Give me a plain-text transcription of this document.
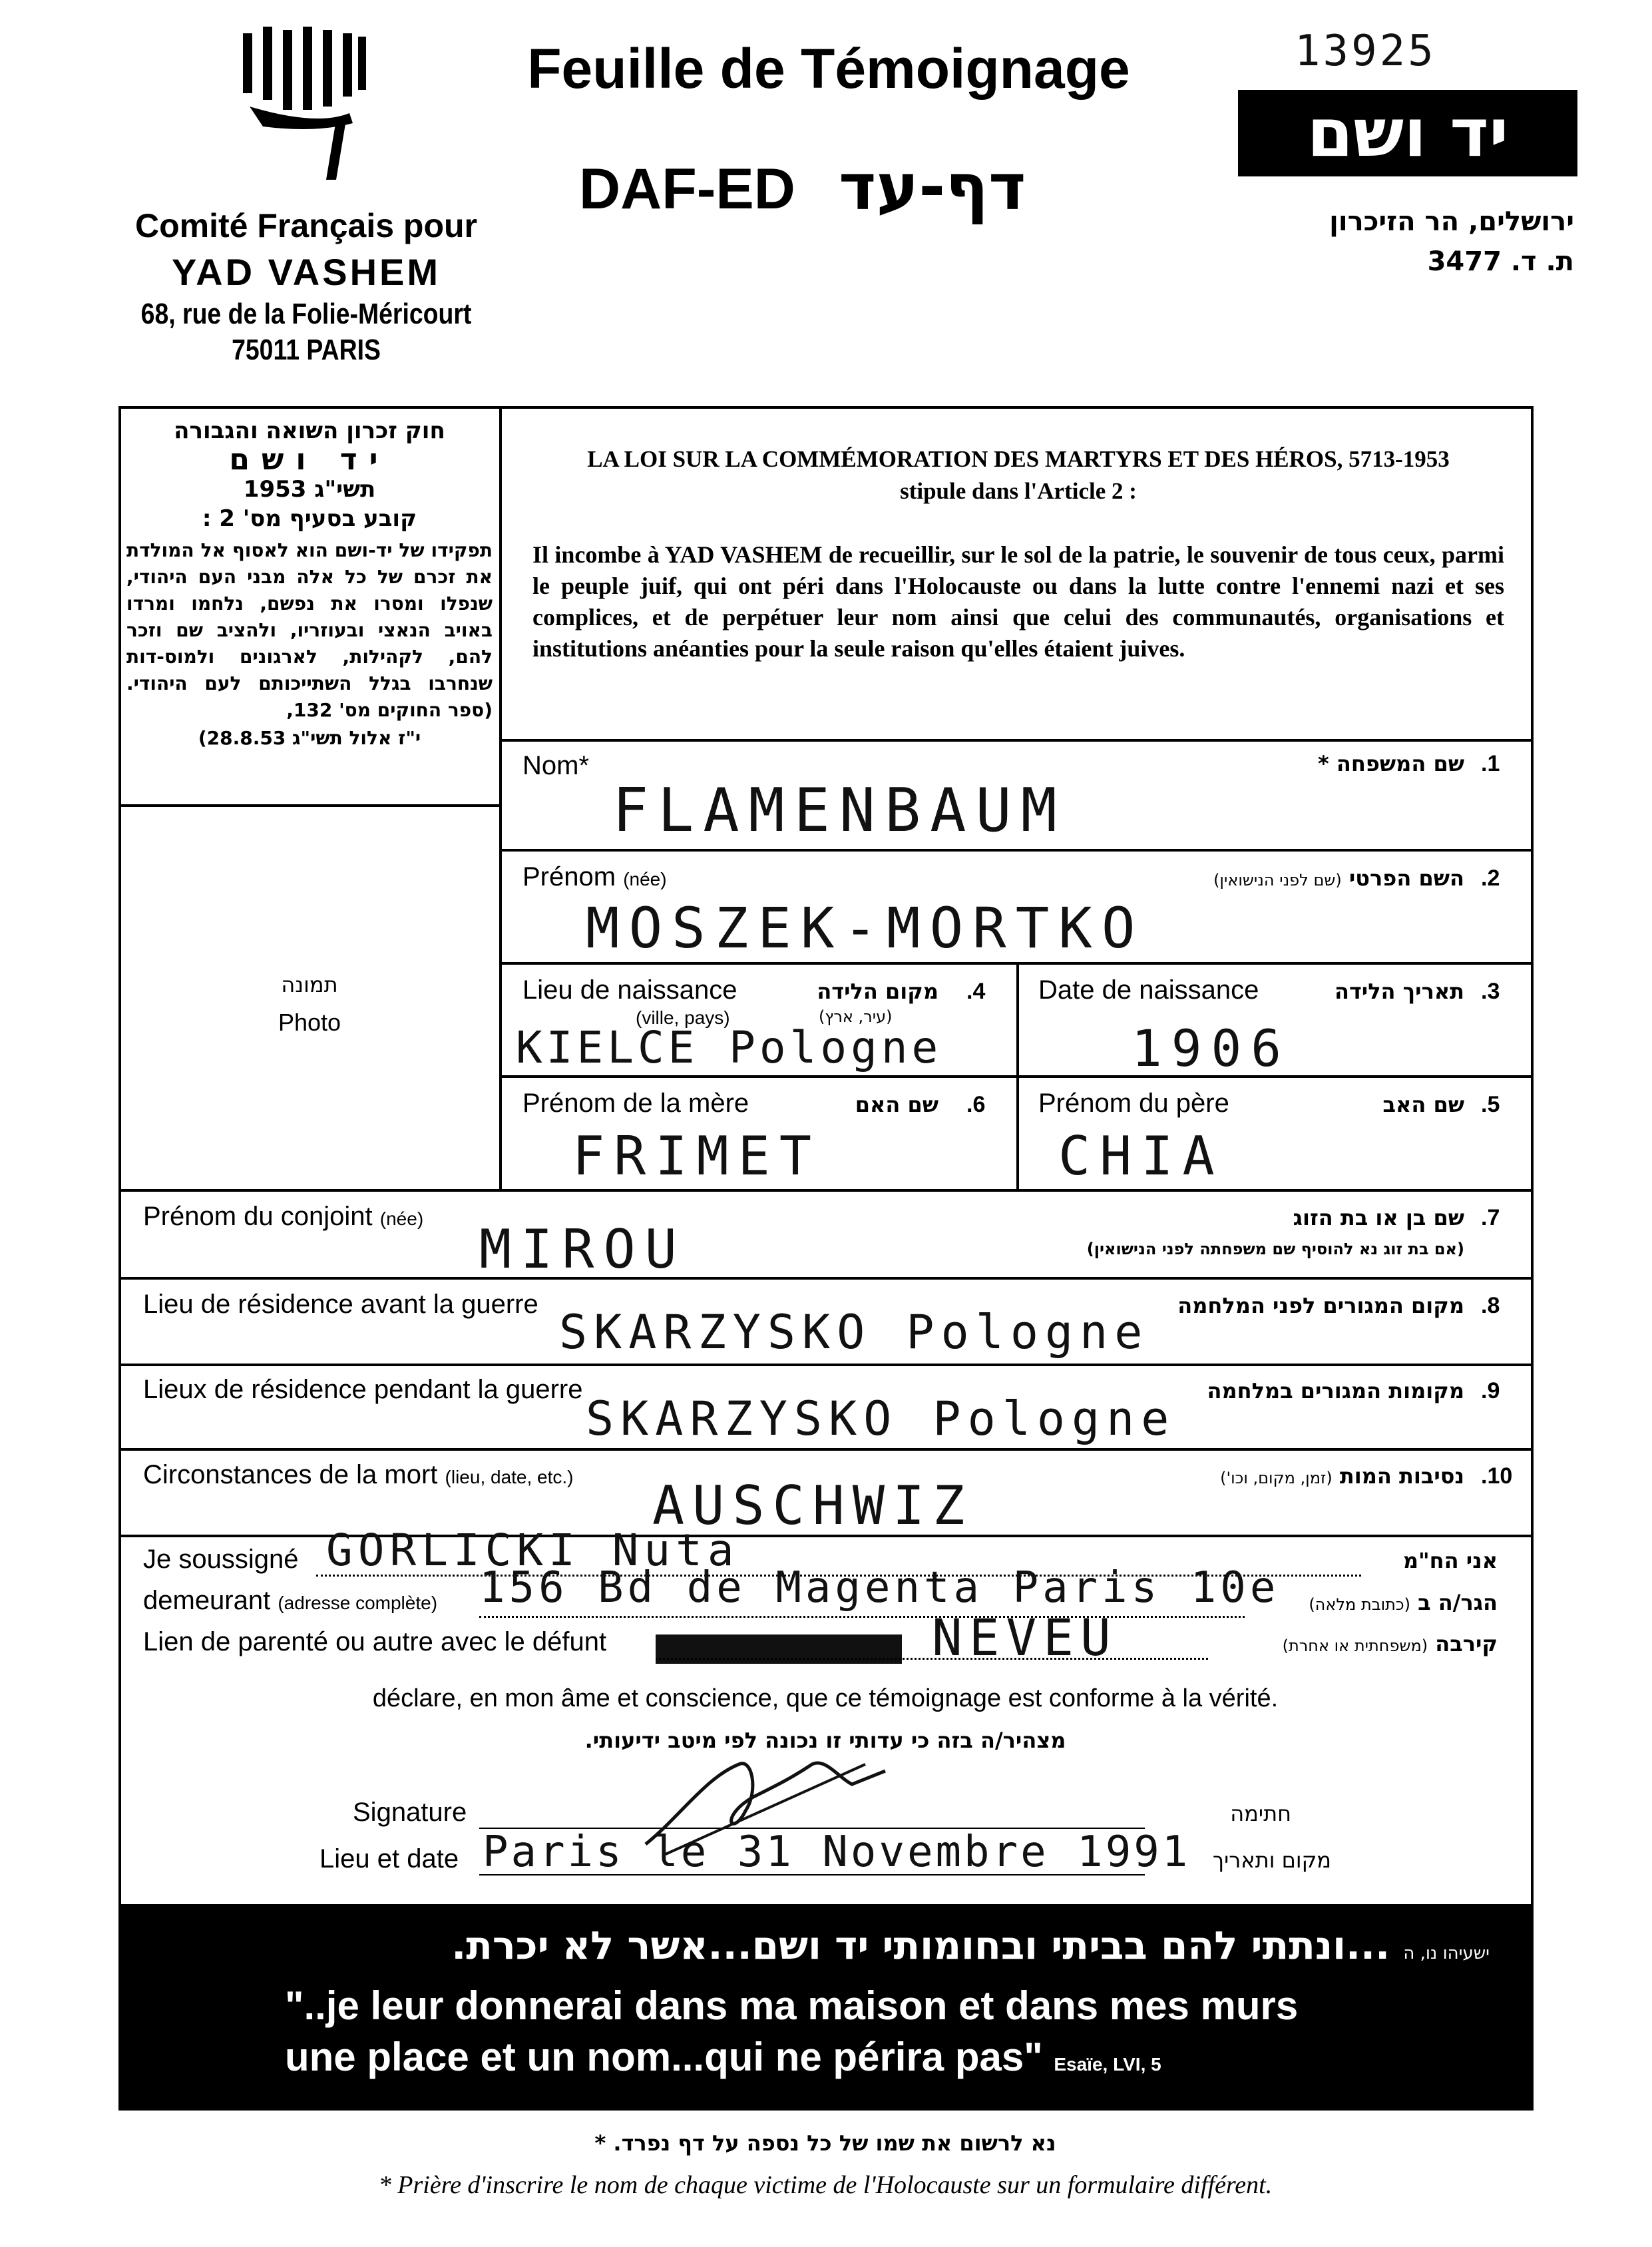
13925
Feuille de Témoignage
DAF-ED דף-עד
Comité Français pour
YAD VASHEM
68, rue de la Folie-Méricourt
75011 PARIS
יד ושם
ירושלים, הר הזיכרון
ת. ד. 3477
חוק זכרון השואה והגבורה
יד ושם
תשי"ג 1953
קובע בסעיף מס' 2 :
תפקידו של יד-ושם הוא לאסוף אל המולדת את זכרם של כל אלה מבני העם היהודי, שנפלו ומסרו את נפשם, נלחמו ומרדו באויב הנאצי ובעוזריו, ולהציב שם וזכר להם, לקהילות, לארגונים ולמוס-דות שנחרבו בגלל השתייכותם לעם היהודי. (ספר החוקים מס' 132,
י"ז אלול תשי"ג 28.8.53)
LA LOI SUR LA COMMÉMORATION DES MARTYRS ET DES HÉROS, 5713-1953
stipule dans l'Article 2 :
Il incombe à YAD VASHEM de recueillir, sur le sol de la patrie, le souvenir de tous ceux, parmi le peuple juif, qui ont péri dans l'Holocauste ou dans la lutte contre l'ennemi nazi et ses complices, et de perpétuer leur nom ainsi que celui des communautés, organisations et institutions anéanties pour la seule raison qu'elles étaient juives.
תמונה
Photo
Nom*	שם המשפחה * .1
FLAMENBAUM
Prénom (née)	השם הפרטי (שם לפני הנישואין)	.2
MOSZEK-MORTKO
Lieu de naissance	מקום הלידה .4
(ville, pays)	(עיר, ארץ)
KIELCE Pologne
Date de naissance	תאריך הלידה .3
1906
Prénom de la mère	שם האם .6
FRIMET
Prénom du père	שם האב .5
CHIA
Prénom du conjoint (née)	שם בן או בת הזוג
(אם בת זוג נא להוסיף שם משפחתה לפני הנישואין)
.7
MIROU
Lieu de résidence avant la guerre	מקום המגורים לפני המלחמה .8
SKARZYSKO Pologne
Lieux de résidence pendant la guerre	מקומות המגורים במלחמה .9
SKARZYSKO Pologne
Circonstances de la mort (lieu, date, etc.)	נסיבות המות (זמן, מקום, וכו')	.10
AUSCHWIZ
Je soussigné GORLICKI Nuta	אני הח"מ
demeurant (adresse complète) 156 Bd de Magenta Paris 10e	הגר/ה ב (כתובת מלאה)
Lien de parenté ou autre avec le défunt	NEVEU	קירבה (משפחתית או אחרת)
déclare, en mon âme et conscience, que ce témoignage est conforme à la vérité.
מצהיר/ה בזה כי עדותי זו נכונה לפי מיטב ידיעותי.
Signature	חתימה
Lieu et date Paris le 31 Novembre 1991	מקום ותאריך
ישעיהו נו, ה ...ונתתי להם בביתי ובחומותי יד ושם...אשר לא יכרת.
"..je leur donnerai dans ma maison et dans mes murs
une place et un nom...qui ne périra pas" Esaïe, LVI, 5
נא לרשום את שמו של כל נספה על דף נפרד. *
* Prière d'inscrire le nom de chaque victime de l'Holocauste sur un formulaire différent.
